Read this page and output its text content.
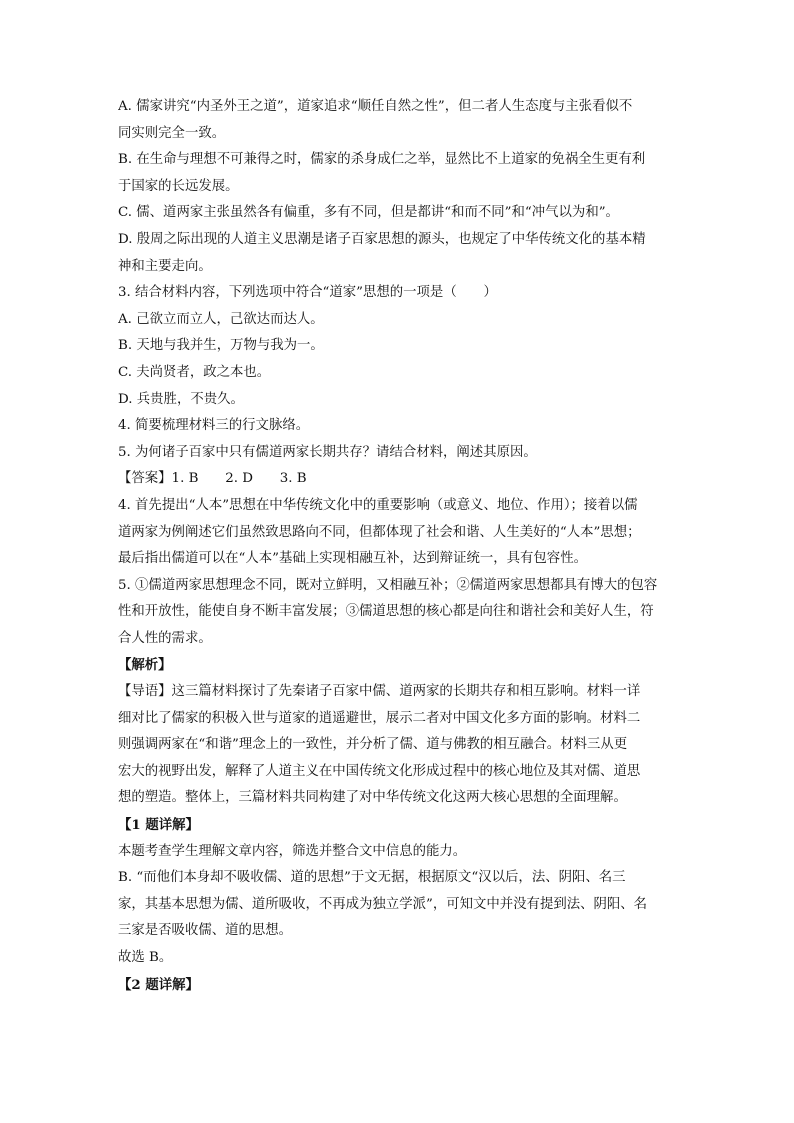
A. 儒家讲究“内圣外王之道”，道家追求“顺任自然之性”，但二者人生态度与主张看似不
同实则完全一致。
B. 在生命与理想不可兼得之时，儒家的杀身成仁之举，显然比不上道家的免祸全生更有利
于国家的长远发展。
C. 儒、道两家主张虽然各有偏重，多有不同，但是都讲“和而不同”和“冲气以为和”。
D. 殷周之际出现的人道主义思潮是诸子百家思想的源头，也规定了中华传统文化的基本精
神和主要走向。
3. 结合材料内容，下列选项中符合“道家”思想的一项是（　　）
A. 己欲立而立人，己欲达而达人。
B. 天地与我并生，万物与我为一。
C. 夫尚贤者，政之本也。
D. 兵贵胜，不贵久。
4. 简要梳理材料三的行文脉络。
5. 为何诸子百家中只有儒道两家长期共存？请结合材料，阐述其原因。
【答案】1. B　　2. D　　3. B
4. 首先提出“人本”思想在中华传统文化中的重要影响（或意义、地位、作用）；接着以儒
道两家为例阐述它们虽然致思路向不同，但都体现了社会和谐、人生美好的“人本”思想；
最后指出儒道可以在“人本”基础上实现相融互补，达到辩证统一，具有包容性。
5. ①儒道两家思想理念不同，既对立鲜明，又相融互补；②儒道两家思想都具有博大的包容
性和开放性，能使自身不断丰富发展；③儒道思想的核心都是向往和谐社会和美好人生，符
合人性的需求。
【解析】
【导语】这三篇材料探讨了先秦诸子百家中儒、道两家的长期共存和相互影响。材料一详
细对比了儒家的积极入世与道家的逍遥避世，展示二者对中国文化多方面的影响。材料二
则强调两家在“和谐”理念上的一致性，并分析了儒、道与佛教的相互融合。材料三从更
宏大的视野出发，解释了人道主义在中国传统文化形成过程中的核心地位及其对儒、道思
想的塑造。整体上，三篇材料共同构建了对中华传统文化这两大核心思想的全面理解。
【1 题详解】
本题考查学生理解文章内容，筛选并整合文中信息的能力。
B. “而他们本身却不吸收儒、道的思想”于文无据，根据原文“汉以后，法、阴阳、名三
家，其基本思想为儒、道所吸收，不再成为独立学派”，可知文中并没有提到法、阴阳、名
三家是否吸收儒、道的思想。
故选 B。
【2 题详解】
